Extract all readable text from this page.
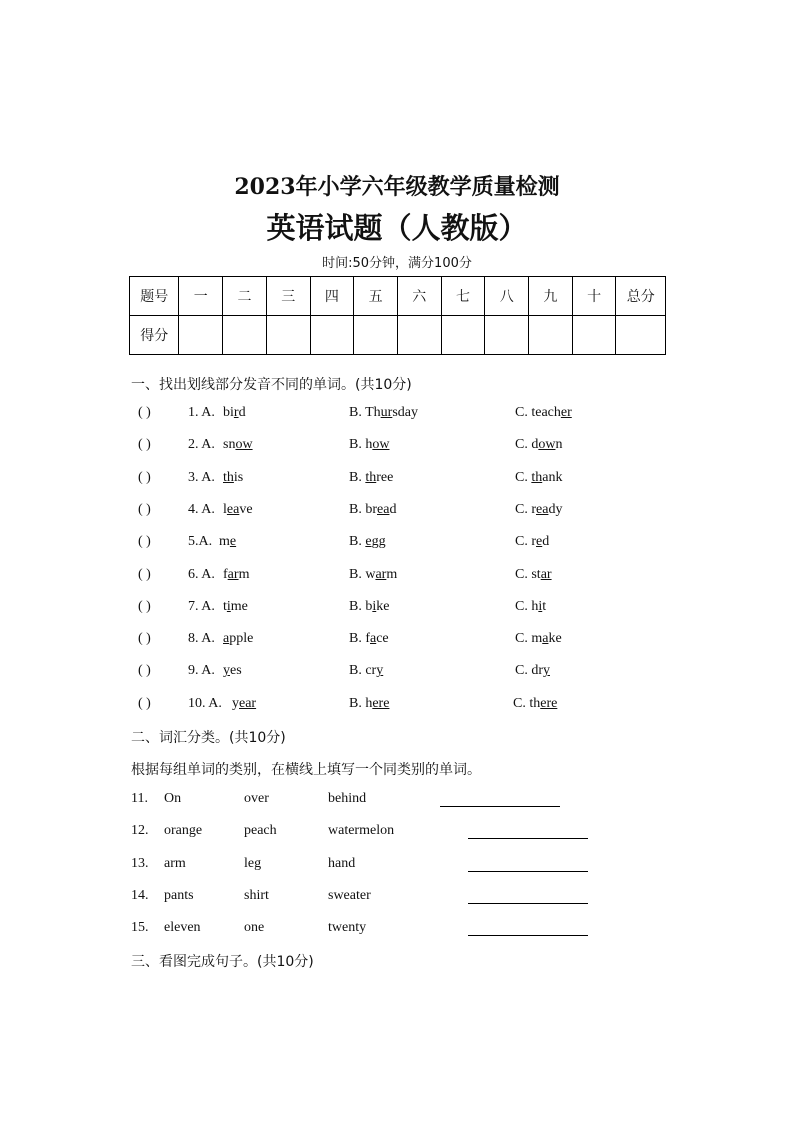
2023年小学六年级教学质量检测
英语试题（人教版）
时间:50分钟，满分100分
题号	一	二	三	四	五	六	七	八	九	十	总分
得分											
一、找出划线部分发音不同的单词。(共10分)
( )	1. A. bird	B. Thursday	C. teacher
( )	2. A. snow	B. how	C. down
( )	3. A. this	B. three	C. thank
( )	4. A. leave	B. bread	C. ready
( )	5.A. me	B. egg	C. red
( )	6. A. farm	B. warm	C. star
( )	7. A. time	B. bike	C. hit
( )	8. A. apple	B. face	C. make
( )	9. A. yes	B. cry	C. dry
( )	10. A. year	B. here	C. there
二、词汇分类。(共10分)
根据每组单词的类别，在横线上填写一个同类别的单词。
11. On	over	behind
12. orange	peach	watermelon
13. arm	leg	hand
14. pants	shirt	sweater
15. eleven	one	twenty
三、看图完成句子。(共10分)
